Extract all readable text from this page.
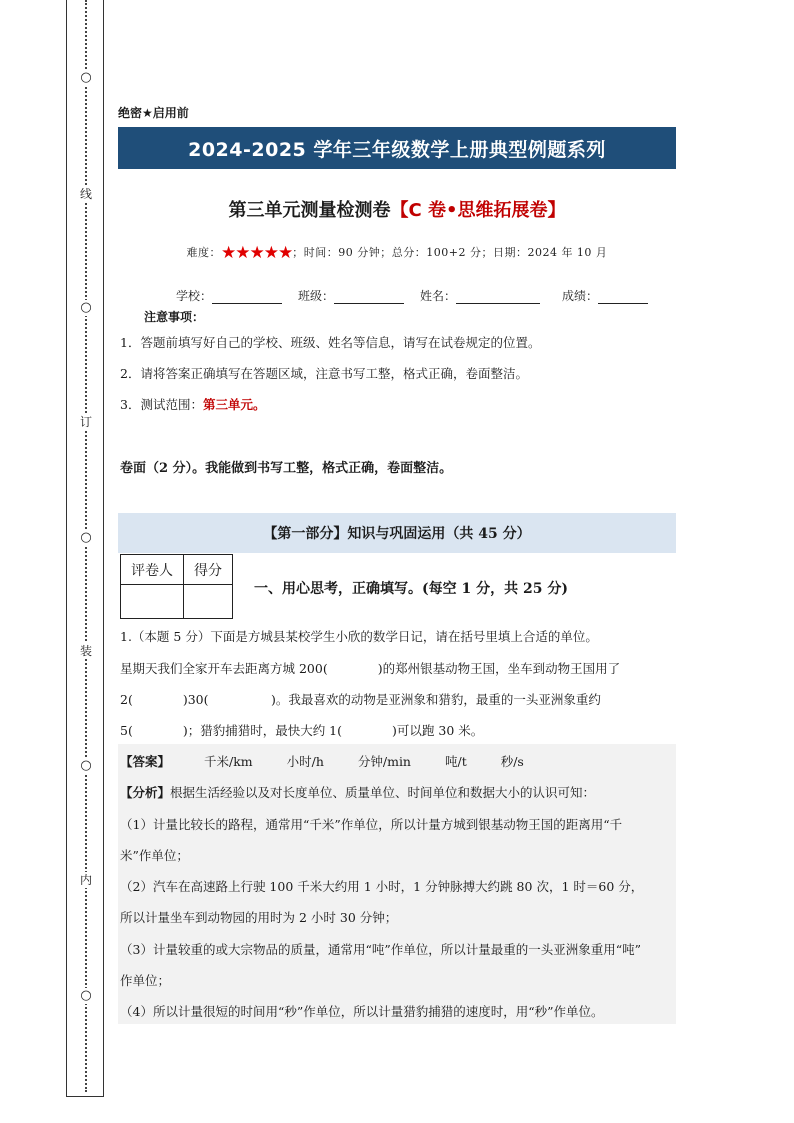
○
线
○
订
○
装
○
内
○
绝密★启用前
2024-2025 学年三年级数学上册典型例题系列
第三单元测量检测卷【C 卷•思维拓展卷】
难度：★★★★★；时间：90 分钟；总分：100+2 分；日期：2024 年 10 月
学校：	班级：	姓名：	成绩：
注意事项：
1．答题前填写好自己的学校、班级、姓名等信息，请写在试卷规定的位置。
2．请将答案正确填写在答题区域，注意书写工整，格式正确，卷面整洁。
3．测试范围：第三单元。
卷面（2 分）。我能做到书写工整，格式正确，卷面整洁。
【第一部分】知识与巩固运用（共 45 分）
评卷人	得分

一、用心思考，正确填写。(每空 1 分，共 25 分)
1.（本题 5 分）下面是方城县某校学生小欣的数学日记，请在括号里填上合适的单位。
星期天我们全家开车去距离方城 200(　　　　)的郑州银基动物王国，坐车到动物王国用了
2(　　　　)30(　　　　　)。我最喜欢的动物是亚洲象和猎豹，最重的一头亚洲象重约
5(　　　　)；猎豹捕猎时，最快大约 1(　　　　)可以跑 30 米。
【答案】	千米/km	小时/h	分钟/min	吨/t	秒/s
【分析】根据生活经验以及对长度单位、质量单位、时间单位和数据大小的认识可知：
（1）计量比较长的路程，通常用“千米”作单位，所以计量方城到银基动物王国的距离用“千
米”作单位；
（2）汽车在高速路上行驶 100 千米大约用 1 小时，1 分钟脉搏大约跳 80 次，1 时＝60 分，
所以计量坐车到动物园的用时为 2 小时 30 分钟；
（3）计量较重的或大宗物品的质量，通常用“吨”作单位，所以计量最重的一头亚洲象重用“吨”
作单位；
（4）所以计量很短的时间用“秒”作单位，所以计量猎豹捕猎的速度时，用“秒”作单位。
